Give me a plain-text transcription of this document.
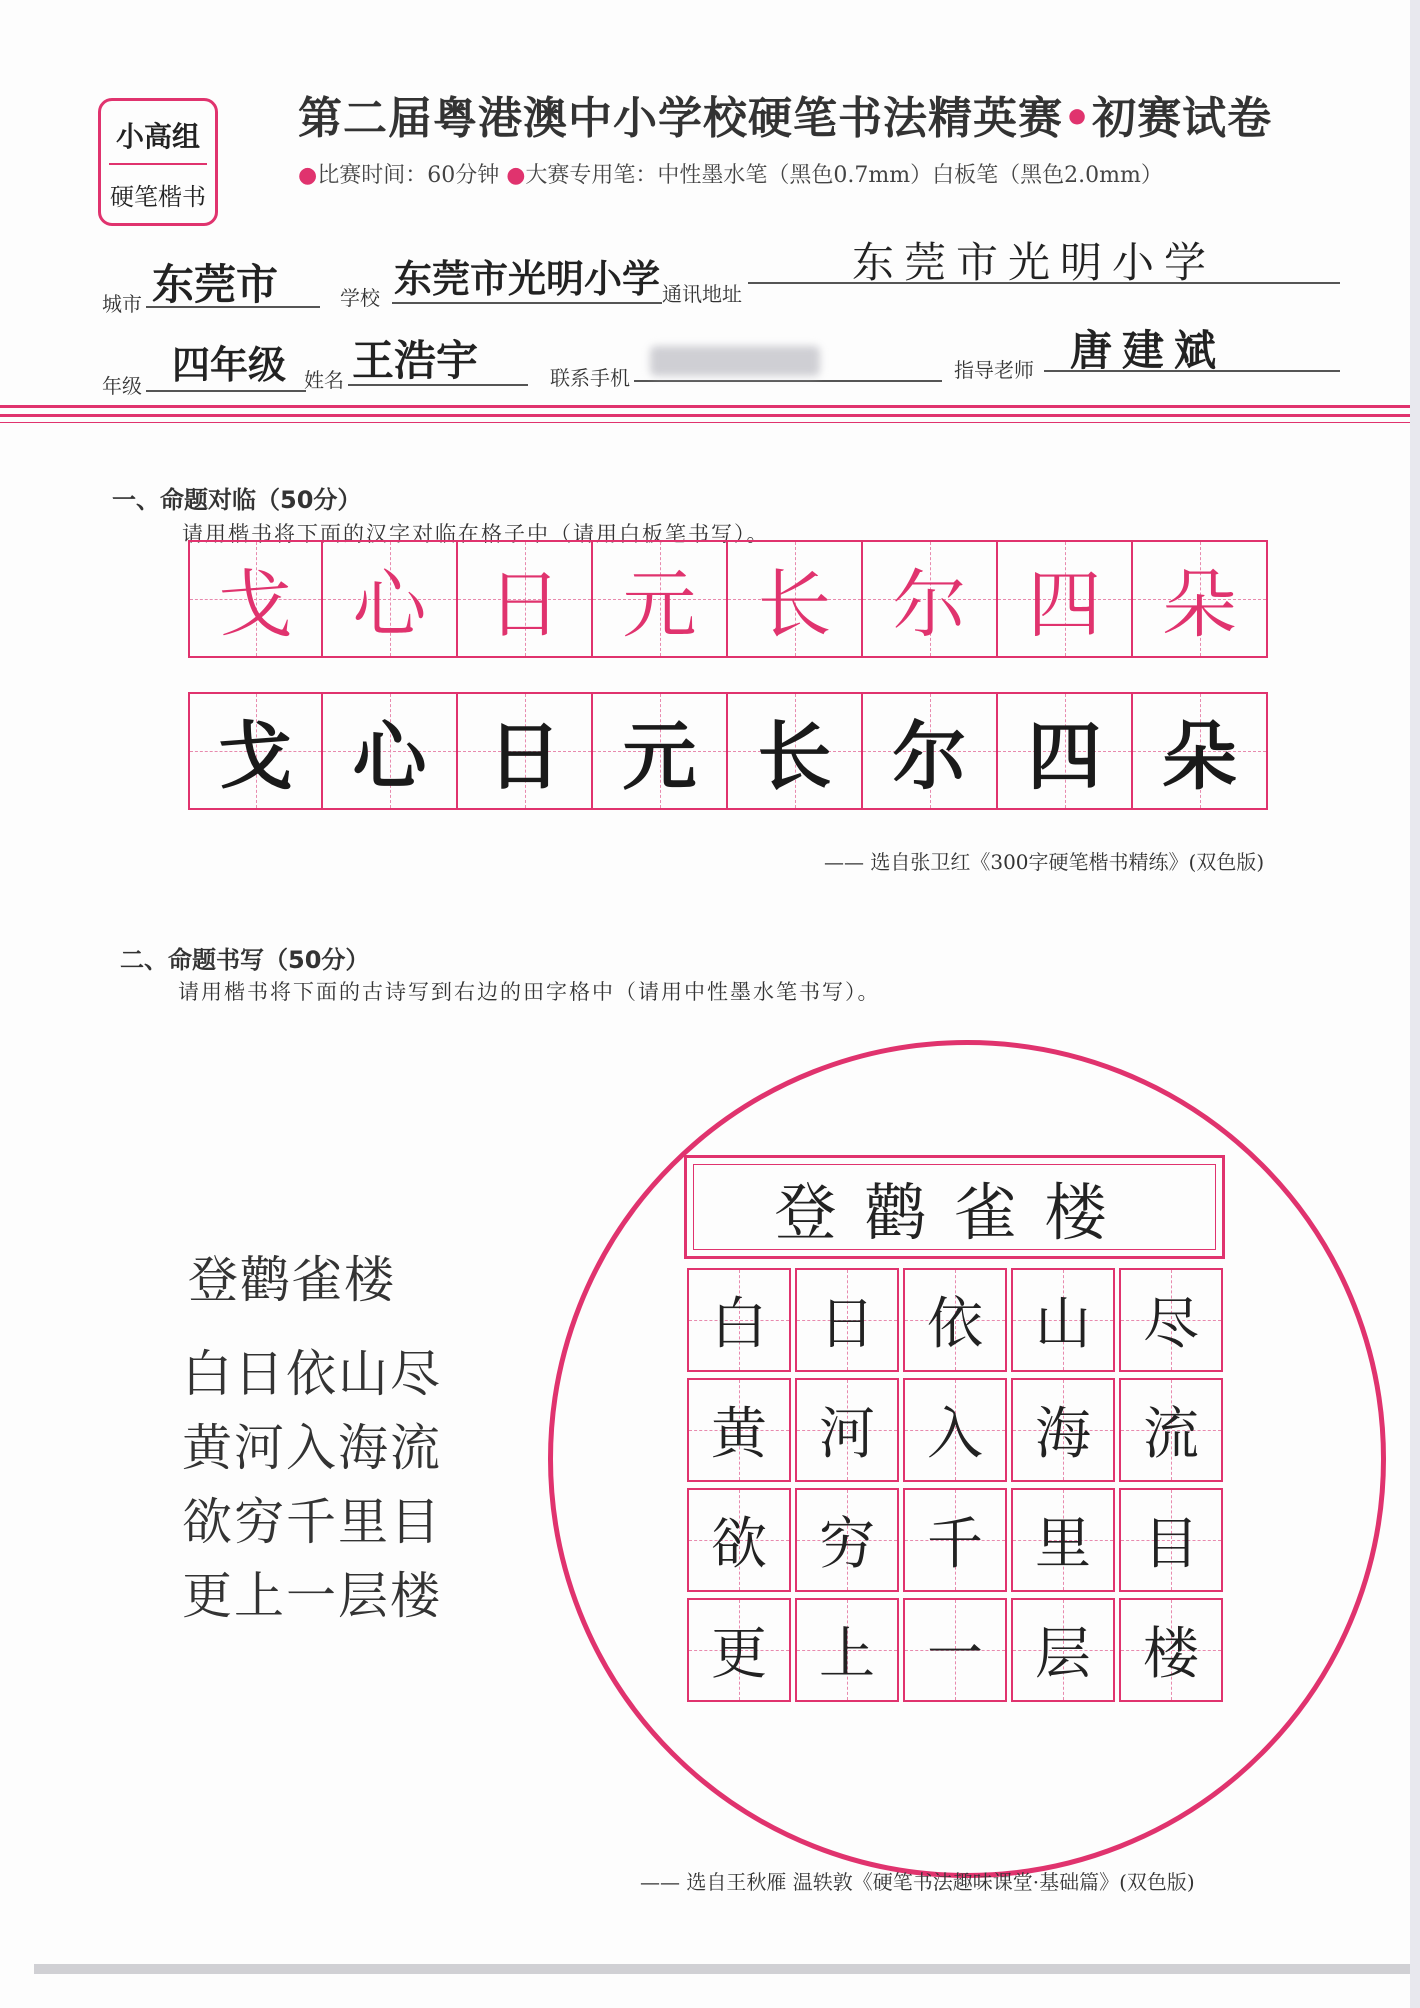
小高组
硬笔楷书
第二届粤港澳中小学校硬笔书法精英赛•初赛试卷
●比赛时间：60分钟 ●大赛专用笔：中性墨水笔（黑色0.7mm）白板笔（黑色2.0mm）
城市 东莞市	学校 东莞市光明小学 通讯地址
东莞市光明小学
年级 四年级 姓名 王浩宇	联系手机	指导老师 唐建斌
一、命题对临（50分）
请用楷书将下面的汉字对临在格子中（请用白板笔书写）。
戈 心 日 元 长 尔 四 朵
戈 心 日 元 长 尔 四 朵
—— 选自张卫红《300字硬笔楷书精练》(双色版)
二、命题书写（50分）
请用楷书将下面的古诗写到右边的田字格中（请用中性墨水笔书写）。
登鹳雀楼
白日依山尽
黄河入海流
欲穷千里目
更上一层楼
登鹳雀楼
白 日 依 山 尽
黄 河 入 海 流
欲 穷 千 里 目
更 上 一 层 楼
—— 选自王秋雁 温轶敦《硬笔书法趣味课堂·基础篇》(双色版)
